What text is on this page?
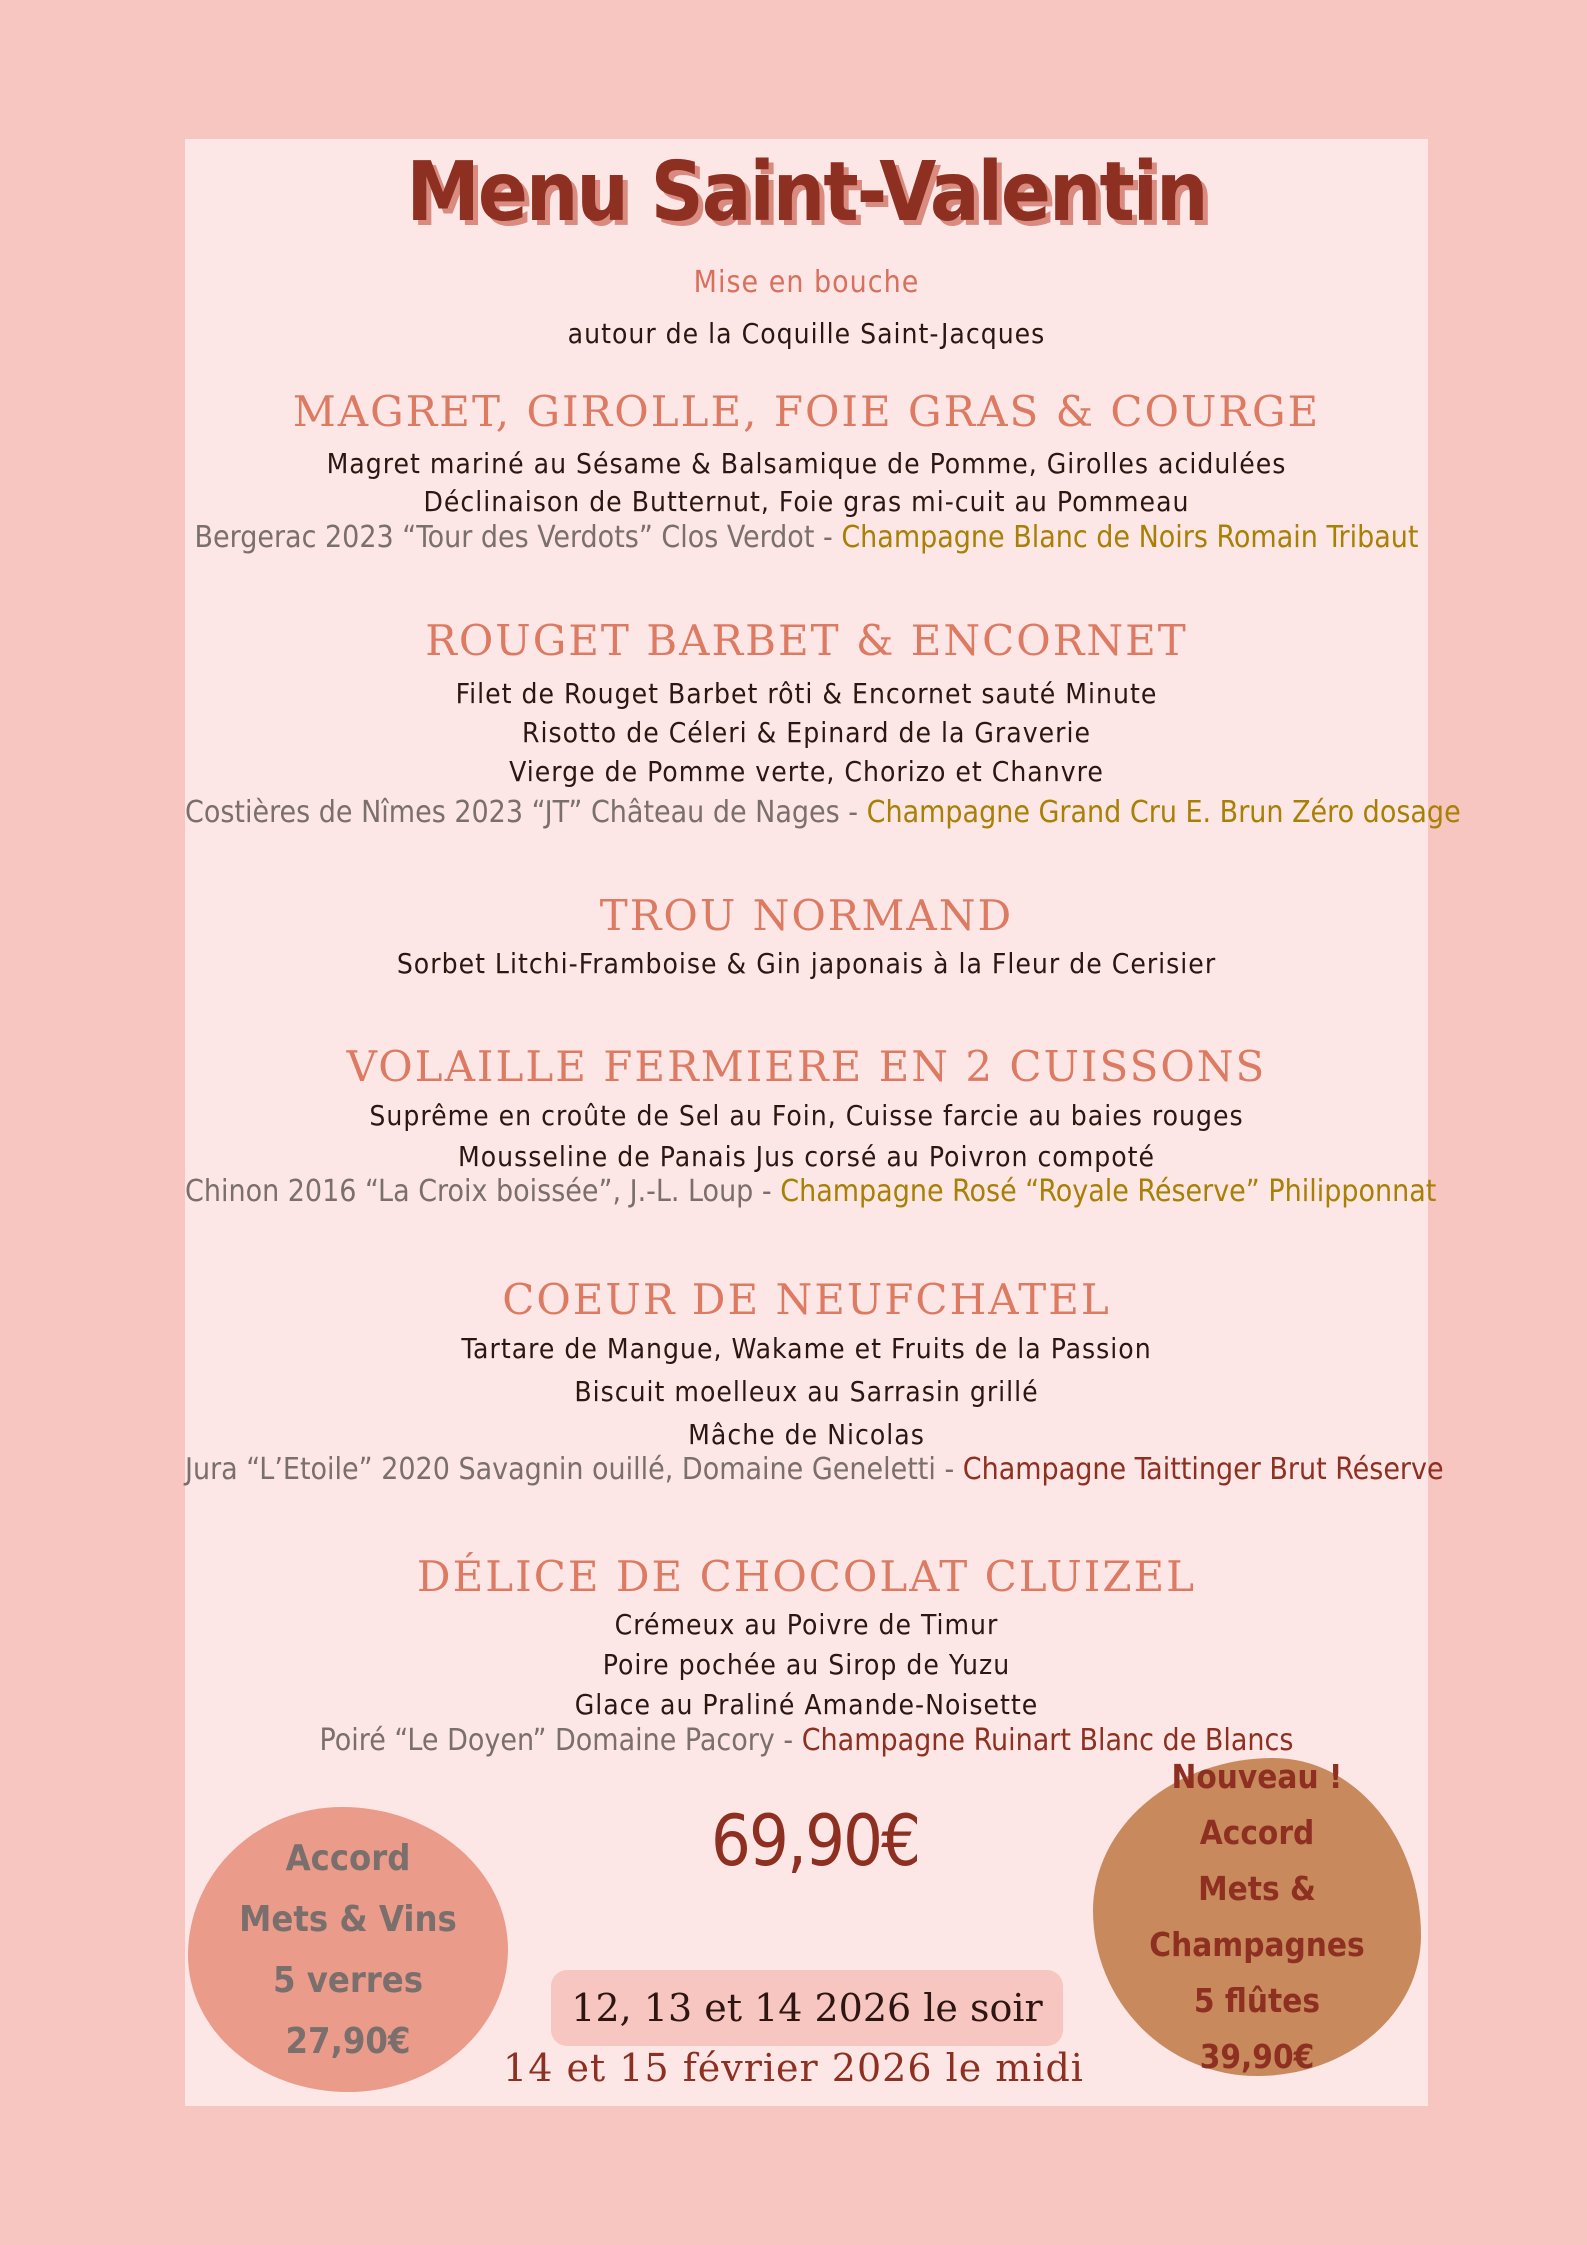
Menu Saint-Valentin
Mise en bouche
autour de la Coquille Saint-Jacques
MAGRET, GIROLLE, FOIE GRAS & COURGE
Magret mariné au Sésame & Balsamique de Pomme, Girolles acidulées
Déclinaison de Butternut, Foie gras mi-cuit au Pommeau
Bergerac 2023 “Tour des Verdots” Clos Verdot - Champagne Blanc de Noirs Romain Tribaut
ROUGET BARBET & ENCORNET
Filet de Rouget Barbet rôti & Encornet sauté Minute
Risotto de Céleri & Epinard de la Graverie
Vierge de Pomme verte, Chorizo et Chanvre
Costières de Nîmes 2023 “JT” Château de Nages - Champagne Grand Cru E. Brun Zéro dosage
TROU NORMAND
Sorbet Litchi-Framboise & Gin japonais à la Fleur de Cerisier
VOLAILLE FERMIERE EN 2 CUISSONS
Suprême en croûte de Sel au Foin, Cuisse farcie au baies rouges
Mousseline de Panais Jus corsé au Poivron compoté
Chinon 2016 “La Croix boissée”, J.-L. Loup - Champagne Rosé “Royale Réserve” Philipponnat
COEUR DE NEUFCHATEL
Tartare de Mangue, Wakame et Fruits de la Passion
Biscuit moelleux au Sarrasin grillé
Mâche de Nicolas
Jura “L’Etoile” 2020 Savagnin ouillé, Domaine Geneletti - Champagne Taittinger Brut Réserve
DÉLICE DE CHOCOLAT CLUIZEL
Crémeux au Poivre de Timur
Poire pochée au Sirop de Yuzu
Glace au Praliné Amande-Noisette
Poiré “Le Doyen” Domaine Pacory - Champagne Ruinart Blanc de Blancs
Accord
Mets & Vins
5 verres
27,90€
69,90€
Nouveau !
Accord
Mets & Champagnes
5 flûtes
39,90€
12, 13 et 14 2026 le soir
14 et 15 février 2026 le midi
